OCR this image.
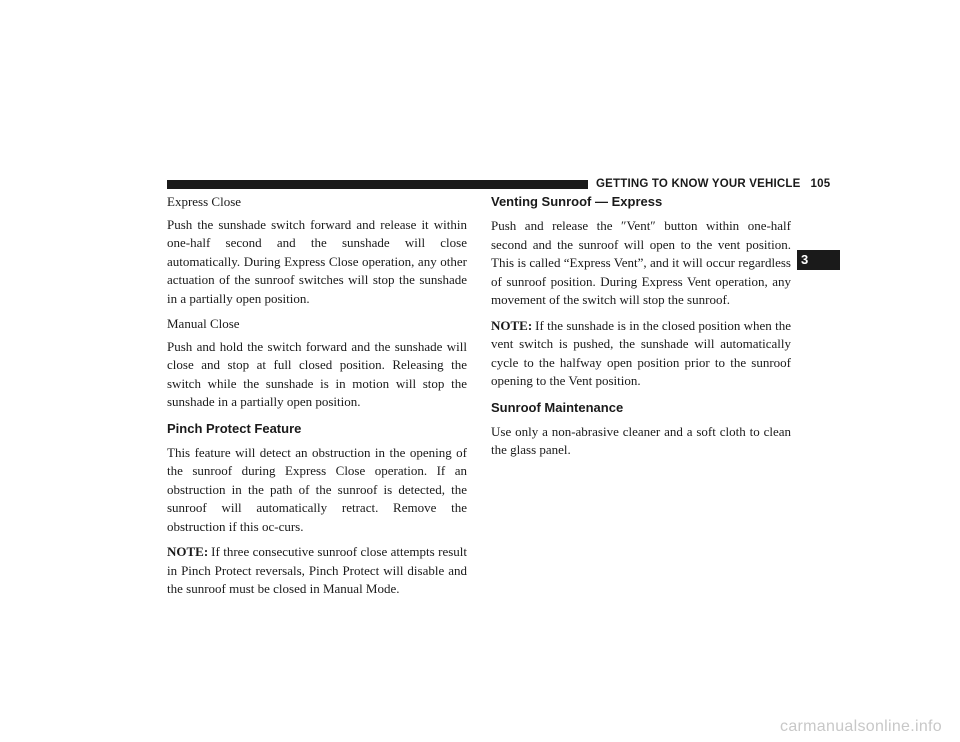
GETTING TO KNOW YOUR VEHICLE 105
3

Express Close

Push the sunshade switch forward and release it within one-half second and the sunshade will close automatically. During Express Close operation, any other actuation of the sunroof switches will stop the sunshade in a partially open position.

Manual Close

Push and hold the switch forward and the sunshade will close and stop at full closed position. Releasing the switch while the sunshade is in motion will stop the sunshade in a partially open position.

Pinch Protect Feature

This feature will detect an obstruction in the opening of the sunroof during Express Close operation. If an obstruction in the path of the sunroof is detected, the sunroof will automatically retract. Remove the obstruction if this oc-curs.

NOTE: If three consecutive sunroof close attempts result in Pinch Protect reversals, Pinch Protect will disable and the sunroof must be closed in Manual Mode.

Venting Sunroof — Express

Push and release the ″Vent″ button within one-half second and the sunroof will open to the vent position. This is called “Express Vent”, and it will occur regardless of sunroof position. During Express Vent operation, any movement of the switch will stop the sunroof.

NOTE: If the sunshade is in the closed position when the vent switch is pushed, the sunshade will automatically cycle to the halfway open position prior to the sunroof opening to the Vent position.

Sunroof Maintenance

Use only a non-abrasive cleaner and a soft cloth to clean the glass panel.

carmanualsonline.info
